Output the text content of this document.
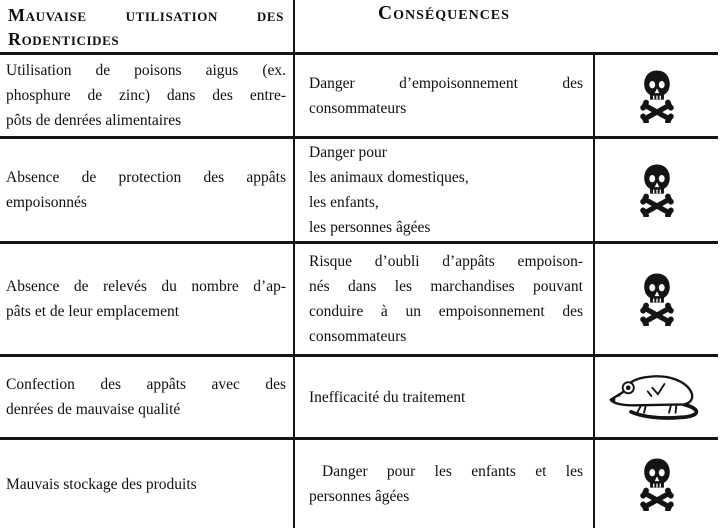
Mauvaise utilisation des
Rodenticides
Conséquences
Utilisation de poisons aigus (ex.
phosphure de zinc) dans des entre-
pôts de denrées alimentaires
Danger d’empoisonnement des
consommateurs
Absence de protection des appâts
empoisonnés
Danger pour
les animaux domestiques,
les enfants,
les personnes âgées
Absence de relevés du nombre d’ap-
pâts et de leur emplacement
Risque d’oubli d’appâts empoison-
nés dans les marchandises pouvant
conduire à un empoisonnement des
consommateurs
Confection des appâts avec des
denrées de mauvaise qualité
Inefficacité du traitement
Mauvais stockage des produits
Danger pour les enfants et les
personnes âgées
